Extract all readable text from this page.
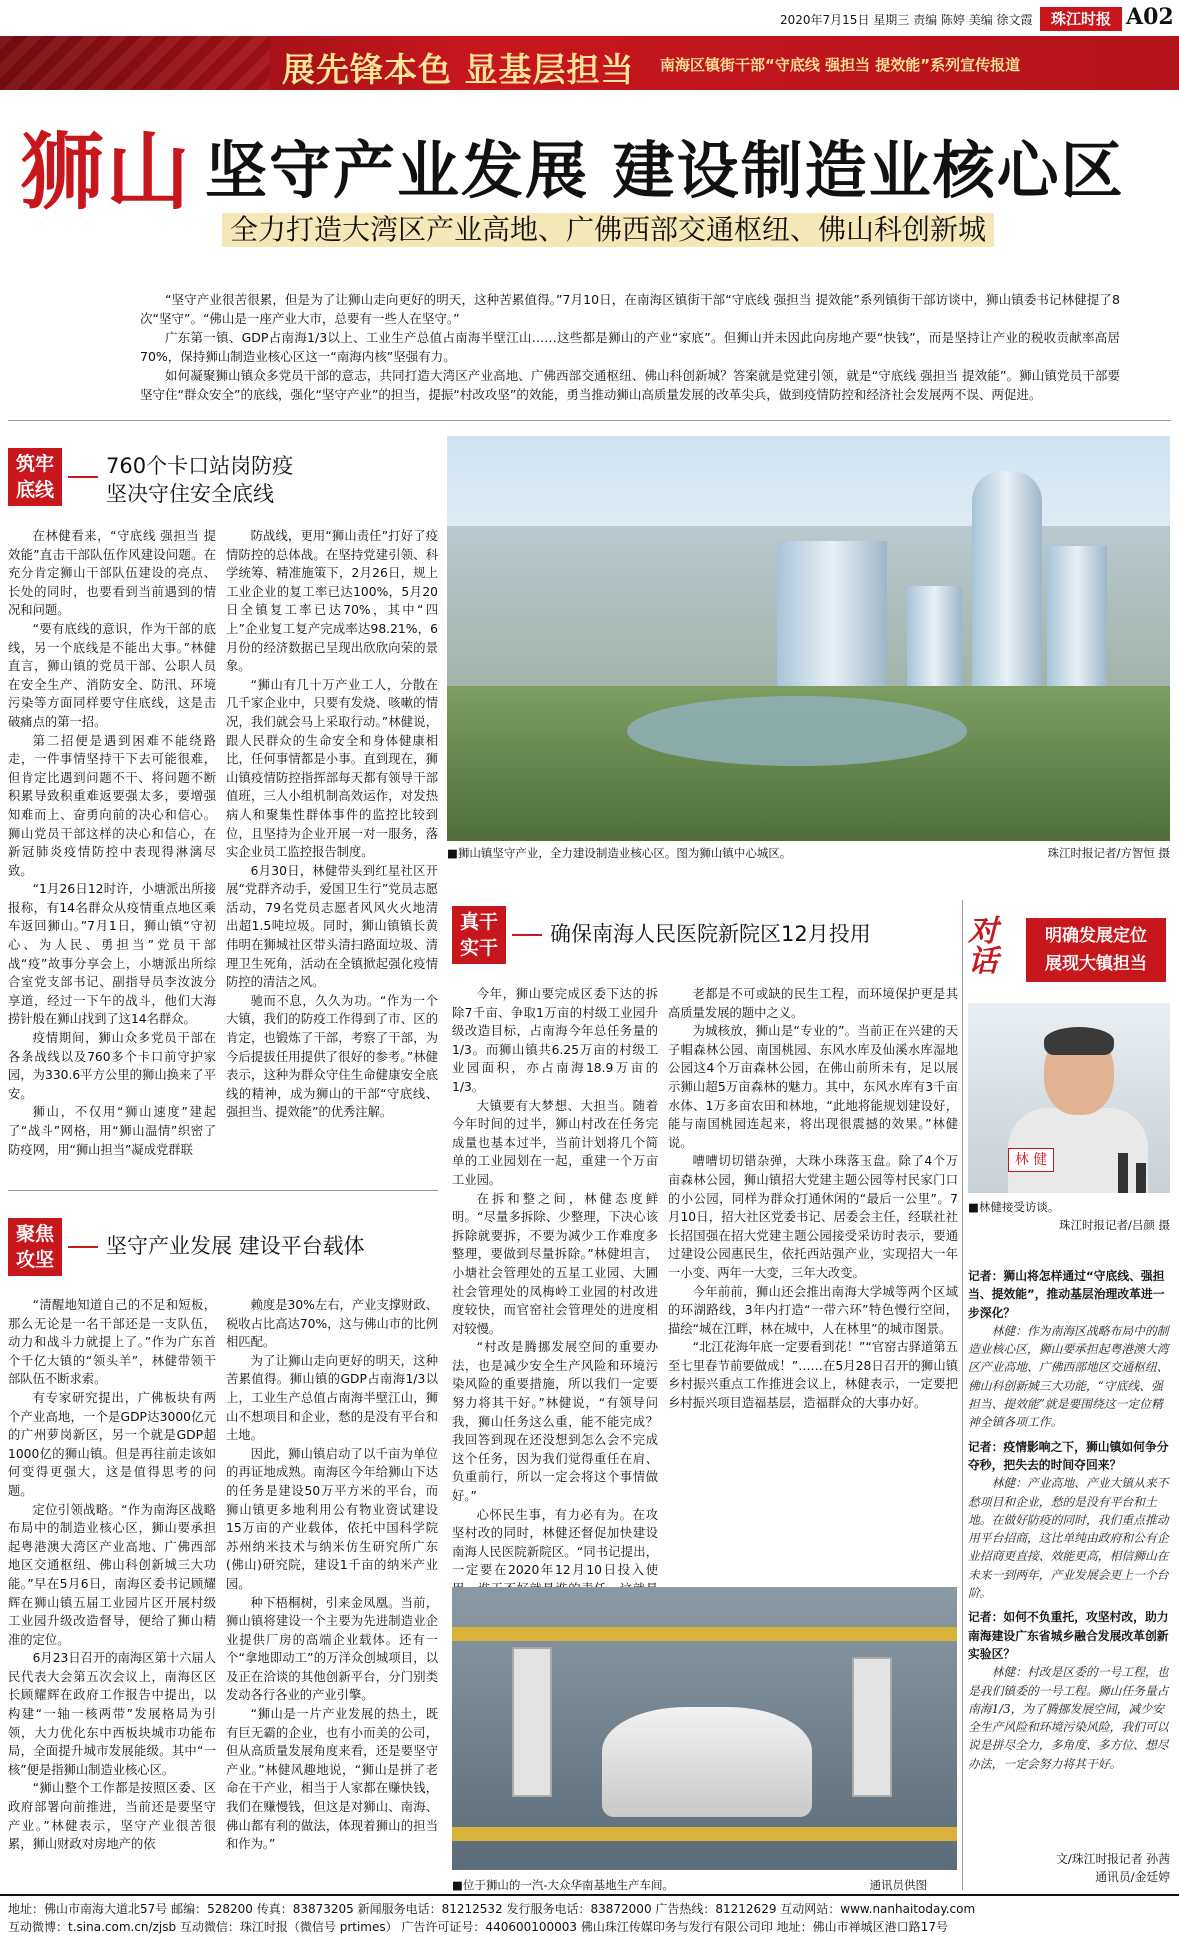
2020年7月15日 星期三 责编 陈婷 美编 徐文霞	珠江时报 A02
展先锋本色 显基层担当 南海区镇街干部“守底线 强担当 提效能”系列宣传报道
狮山 坚守产业发展 建设制造业核心区
全力打造大湾区产业高地、广佛西部交通枢纽、佛山科创新城

“坚守产业很苦很累，但是为了让狮山走向更好的明天，这种苦累值得。”7月10日，在南海区镇街干部“守底线 强担当 提效能”系列镇街干部访谈中，狮山镇委书记林健提了8次“坚守”。“佛山是一座产业大市，总要有一些人在坚守。”

广东第一镇、GDP占南海1/3以上、工业生产总值占南海半壁江山……这些都是狮山的产业“家底”。但狮山并未因此向房地产要“快钱”，而是坚持让产业的税收贡献率高居70%，保持狮山制造业核心区这一“南海内核”坚强有力。

如何凝聚狮山镇众多党员干部的意志，共同打造大湾区产业高地、广佛西部交通枢纽、佛山科创新城？答案就是党建引领，就是“守底线 强担当 提效能”。狮山镇党员干部要坚守住“群众安全”的底线，强化“坚守产业”的担当，提振“村改攻坚”的效能，勇当推动狮山高质量发展的改革尖兵，做到疫情防控和经济社会发展两不误、两促进。

筑牢底线
760个卡口站岗防疫
坚决守住安全底线

在林健看来，“守底线 强担当 提效能”直击干部队伍作风建设问题。在充分肯定狮山干部队伍建设的亮点、长处的同时，也要看到当前遇到的情况和问题。

“要有底线的意识，作为干部的底线，另一个底线是不能出大事。”林健直言，狮山镇的党员干部、公职人员在安全生产、消防安全、防汛、环境污染等方面同样要守住底线，这是击破痛点的第一招。

第二招便是遇到困难不能绕路走，一件事情坚持干下去可能很难，但肯定比遇到问题不干、将问题不断积累导致积重难返要强太多，要增强知难而上、奋勇向前的决心和信心。狮山党员干部这样的决心和信心，在新冠肺炎疫情防控中表现得淋漓尽致。

“1月26日12时许，小塘派出所接报称，有14名群众从疫情重点地区乘车返回狮山。”7月1日，狮山镇“守初心、为人民、勇担当”党员干部战“疫”故事分享会上，小塘派出所综合室党支部书记、副指导员李汝波分享道，经过一下午的战斗，他们大海捞针般在狮山找到了这14名群众。

疫情期间，狮山众多党员干部在各条战线以及760多个卡口前守护家园，为330.6平方公里的狮山换来了平安。

狮山，不仅用“狮山速度”建起了“战斗”网格，用“狮山温情”织密了防疫网，用“狮山担当”凝成党群联

防战线，更用“狮山责任”打好了疫情防控的总体战。在坚持党建引领、科学统筹、精准施策下，2月26日，规上工业企业的复工率已达100%，5月20日全镇复工率已达70%，其中“四上”企业复工复产完成率达98.21%，6月份的经济数据已呈现出欣欣向荣的景象。

“狮山有几十万产业工人，分散在几千家企业中，只要有发烧、咳嗽的情况，我们就会马上采取行动。”林健说，跟人民群众的生命安全和身体健康相比，任何事情都是小事。直到现在，狮山镇疫情防控指挥部每天都有领导干部值班，三人小组机制高效运作，对发热病人和聚集性群体事件的监控比较到位，且坚持为企业开展一对一服务，落实企业员工监控报告制度。

6月30日，林健带头到红星社区开展“党群齐动手，爱国卫生行”党员志愿活动，79名党员志愿者风风火火地清出超1.5吨垃圾。同时，狮山镇镇长黄伟明在狮城社区带头清扫路面垃圾、清理卫生死角，活动在全镇掀起强化疫情防控的清洁之风。

驰而不息，久久为功。“作为一个大镇，我们的防疫工作得到了市、区的肯定，也锻炼了干部，考察了干部，为今后提拔任用提供了很好的参考。”林健表示，这种为群众守住生命健康安全底线的精神，成为狮山的干部“守底线、强担当、提效能”的优秀注解。

聚焦攻坚
坚守产业发展 建设平台载体

“清醒地知道自己的不足和短板，那么无论是一名干部还是一支队伍，动力和战斗力就提上了。”作为广东首个千亿大镇的“领头羊”，林健带领干部队伍不断求索。

有专家研究提出，广佛板块有两个产业高地，一个是GDP达3000亿元的广州萝岗新区，另一个就是GDP超1000亿的狮山镇。但是再往前走该如何变得更强大，这是值得思考的问题。

定位引领战略。“作为南海区战略布局中的制造业核心区，狮山要承担起粤港澳大湾区产业高地、广佛西部地区交通枢纽、佛山科创新城三大功能。”早在5月6日，南海区委书记顾耀辉在狮山镇五届工业园片区开展村级工业园升级改造督导，便给了狮山精准的定位。

6月23日召开的南海区第十六届人民代表大会第五次会议上，南海区区长顾耀辉在政府工作报告中提出，以构建“一轴一核两带”发展格局为引领，大力优化东中西板块城市功能布局，全面提升城市发展能级。其中“一核”便是指狮山制造业核心区。

“狮山整个工作都是按照区委、区政府部署向前推进，当前还是要坚守产业。”林健表示，坚守产业很苦很累，狮山财政对房地产的依

赖度是30%左右，产业支撑财政、税收占比高达70%，这与佛山市的比例相匹配。

为了让狮山走向更好的明天，这种苦累值得。狮山镇的GDP占南海1/3以上，工业生产总值占南海半壁江山，狮山不想项目和企业，愁的是没有平台和土地。

因此，狮山镇启动了以千亩为单位的再证地成熟。南海区今年给狮山下达的任务是建设50万平方米的平台，而狮山镇更多地利用公有物业资试建设15万亩的产业载体，依托中国科学院苏州纳米技术与纳米仿生研究所广东(佛山)研究院，建设1千亩的纳米产业园。

种下梧桐树，引来金凤凰。当前，狮山镇将建设一个主要为先进制造业企业提供厂房的高端企业载体。还有一个“拿地即动工”的万洋众创城项目，以及正在洽谈的其他创新平台，分门别类发动各行各业的产业引擎。

“狮山是一片产业发展的热土，既有巨无霸的企业，也有小而美的公司，但从高质量发展角度来看，还是要坚守产业。”林健风趣地说，“狮山是拼了老命在干产业，相当于人家都在赚快钱，我们在赚慢钱，但这是对狮山、南海、佛山都有利的做法，体现着狮山的担当和作为。”

■狮山镇坚守产业，全力建设制造业核心区。图为狮山镇中心城区。	珠江时报记者/方智恒 摄
真干实干
确保南海人民医院新院区12月投用

今年，狮山要完成区委下达的拆除7千亩、争取1万亩的村级工业园升级改造目标，占南海今年总任务量的1/3。而狮山镇共6.25万亩的村级工业园面积，亦占南海18.9万亩的1/3。

大镇要有大梦想、大担当。随着今年时间的过半，狮山村改在任务完成量也基本过半，当前计划将几个简单的工业园划在一起，重建一个万亩工业园。

在拆和整之间，林健态度鲜明。“尽量多拆除、少整理，下决心该拆除就要拆，不要为减少工作难度多整理，要做到尽量拆除。”林健坦言，小塘社会管理处的五星工业园、大圃社会管理处的凤梅岭工业园的村改进度较快，而官窑社会管理处的进度相对较慢。

“村改是腾挪发展空间的重要办法，也是减少安全生产风险和环境污染风险的重要措施，所以我们一定要努力将其干好。”林健说，“有领导问我，狮山任务这么重，能不能完成？我回答到现在还没想到怎么会不完成这个任务，因为我们觉得重任在肩、负重前行，所以一定会将这个事情做好。”

心怀民生事，有力必有为。在攻坚村改的同时，林健还督促加快建设南海人民医院新院区。“同书记提出，一定要在2020年12月10日投入使

老都是不可或缺的民生工程，而环境保护更是其高质量发展的题中之义。

为城核放，狮山是“专业的”。当前正在兴建的天子帽森林公园、南国桃园、东风水库及仙溪水库湿地公园这4个万亩森林公园，在佛山前所未有，足以展示狮山超5万亩森林的魅力。其中，东风水库有3千亩水体、1万多亩农田和林地，“此地将能规划建设好，能与南国桃园连起来，将出现很震撼的效果。”林健说。

嘈嘈切切错杂弹，大珠小珠落玉盘。除了4个万亩森林公园，狮山镇招大党建主题公园等村民家门口的小公园，同样为群众打通休闲的“最后一公里”。7月10日，招大社区党委书记、居委会主任，经联社社长招国强在招大党建主题公园接受采访时表示，要通过建设公园惠民生，依托西站强产业，实现招大一年一小变、两年一大变，三年大改变。

今年前前，狮山还会推出南海大学城等两个区域的环湖路线，3年内打造“一带六环”特色慢行空间，描绘“城在江畔，林在城中，人在林里”的城市图景。

“北江花海年底一定要看到花！”“官窑古驿道第五至七里春节前要做成！”……在5月28日召开的狮山镇乡村振兴重点工作推进会议上，林健表示，一定要把乡村振兴项目造福基层，造福群众的大事办好。

■位于狮山的一汽-大众华南基地生产车间。	通讯员供图
对话
明确发展定位
展现大镇担当
林 健
■林健接受访谈。
珠江时报记者/吕颜 摄
记者：狮山将怎样通过“守底线、强担当、提效能”，推动基层治理改革进一步深化？

林健：作为南海区战略布局中的制造业核心区，狮山要承担起粤港澳大湾区产业高地、广佛西部地区交通枢纽、佛山科创新城三大功能，“守底线、强担当、提效能”就是要围绕这一定位精神全镇各项工作。

记者：疫情影响之下，狮山镇如何争分夺秒，把失去的时间夺回来？

林健：产业高地、产业大镇从来不愁项目和企业，愁的是没有平台和土地。在做好防疫的同时，我们重点推动用平台招商，这比单纯由政府和公有企业招商更直接、效能更高，相信狮山在未来一到两年，产业发展会更上一个台阶。

记者：如何不负重托，攻坚村改，助力南海建设广东省城乡融合发展改革创新实验区？

林健：村改是区委的一号工程，也是我们镇委的一号工程。狮山任务量占南海1/3，为了腾挪发展空间，减少安全生产风险和环境污染风险，我们可以说是拼尽全力，多角度、多方位、想尽办法，一定会努力将其干好。

文/珠江时报记者 孙茜
通讯员/金廷婷
地址：佛山市南海大道北57号 邮编：528200 传真：83873205 新闻服务电话：81212532 发行服务电话：83872000 广告热线：81212629 互动网站：www.nanhaitoday.com
互动微博：t.sina.com.cn/zjsb 互动微信：珠江时报（微信号 prtimes） 广告许可证号：440600100003 佛山珠江传媒印务与发行有限公司印 地址：佛山市禅城区港口路17号
